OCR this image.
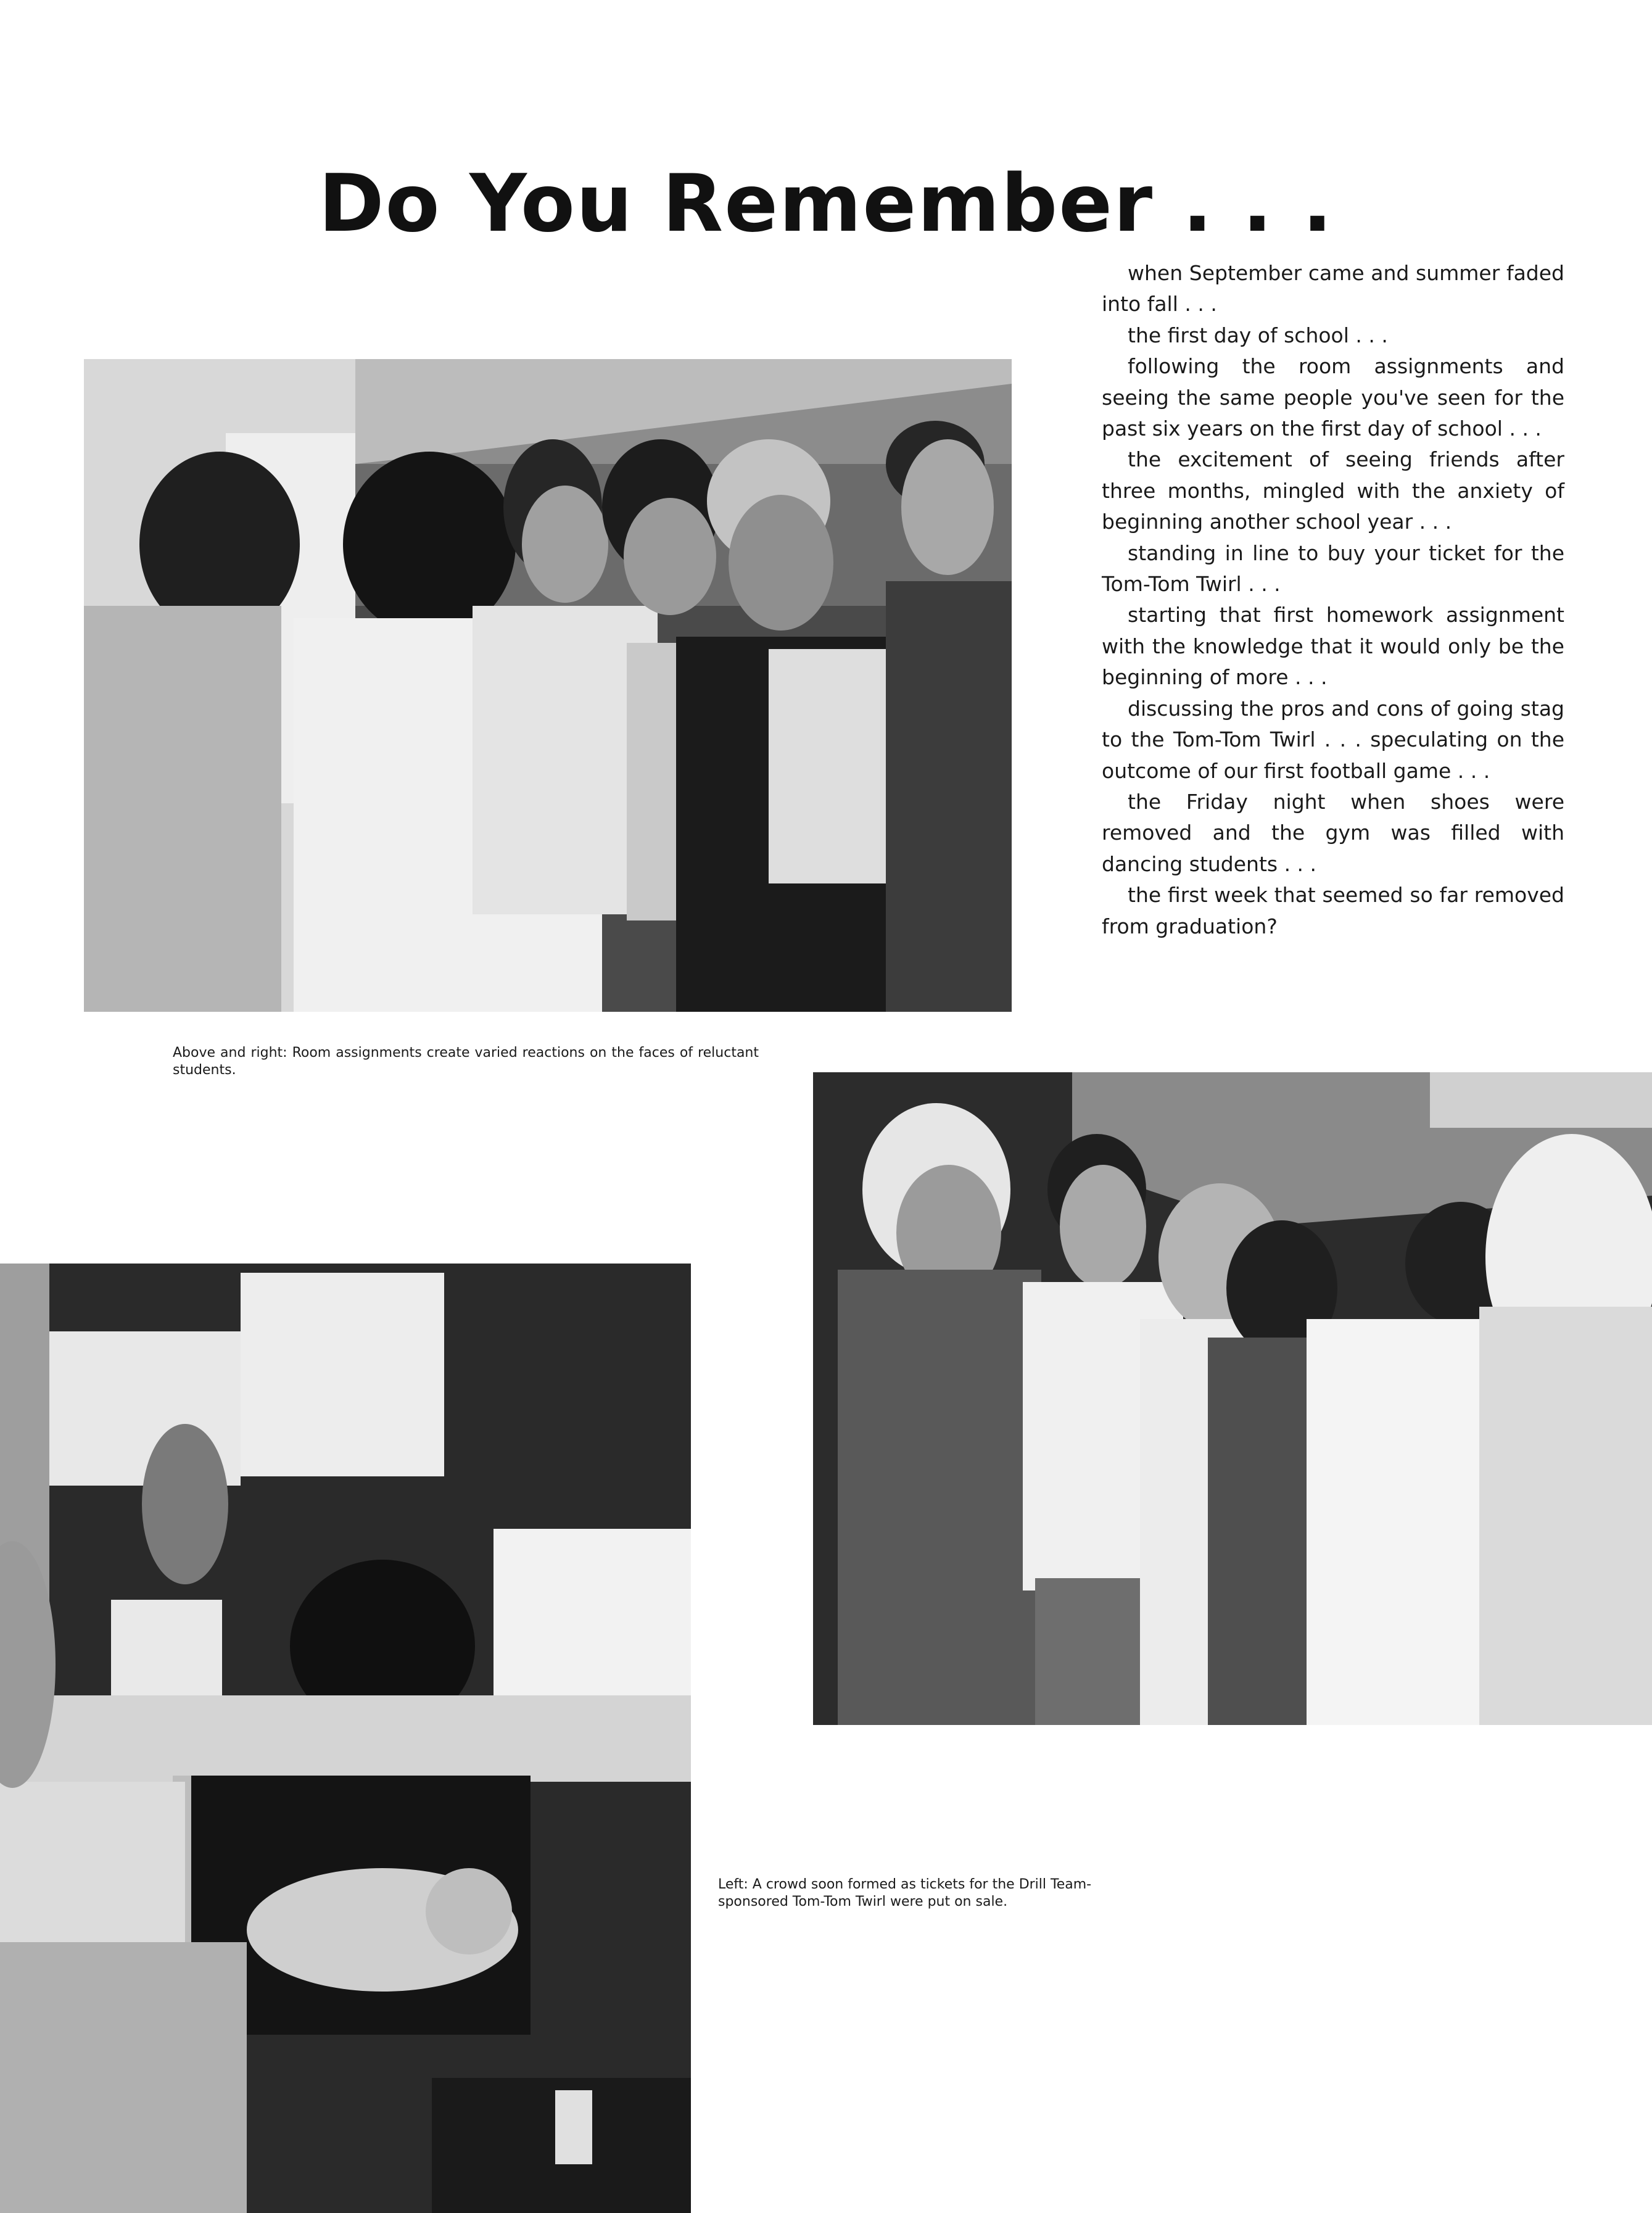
Do You Remember . . .

when September came and summer faded into fall . . .

the first day of school . . .

following the room assignments and seeing the same people you've seen for the past six years on the first day of school . . .

the excitement of seeing friends after three months, mingled with the anxiety of beginning another school year . . .

standing in line to buy your ticket for the Tom-Tom Twirl . . .

starting that first homework assignment with the knowledge that it would only be the beginning of more . . .

discussing the pros and cons of going stag to the Tom-Tom Twirl . . . speculating on the outcome of our first football game . . .

the Friday night when shoes were removed and the gym was filled with dancing students . . .

the first week that seemed so far removed from graduation?

Above and right: Room assignments create varied reactions on the faces of reluctant students.
Left: A crowd soon formed as tickets for the Drill Team-sponsored Tom-Tom Twirl were put on sale.
